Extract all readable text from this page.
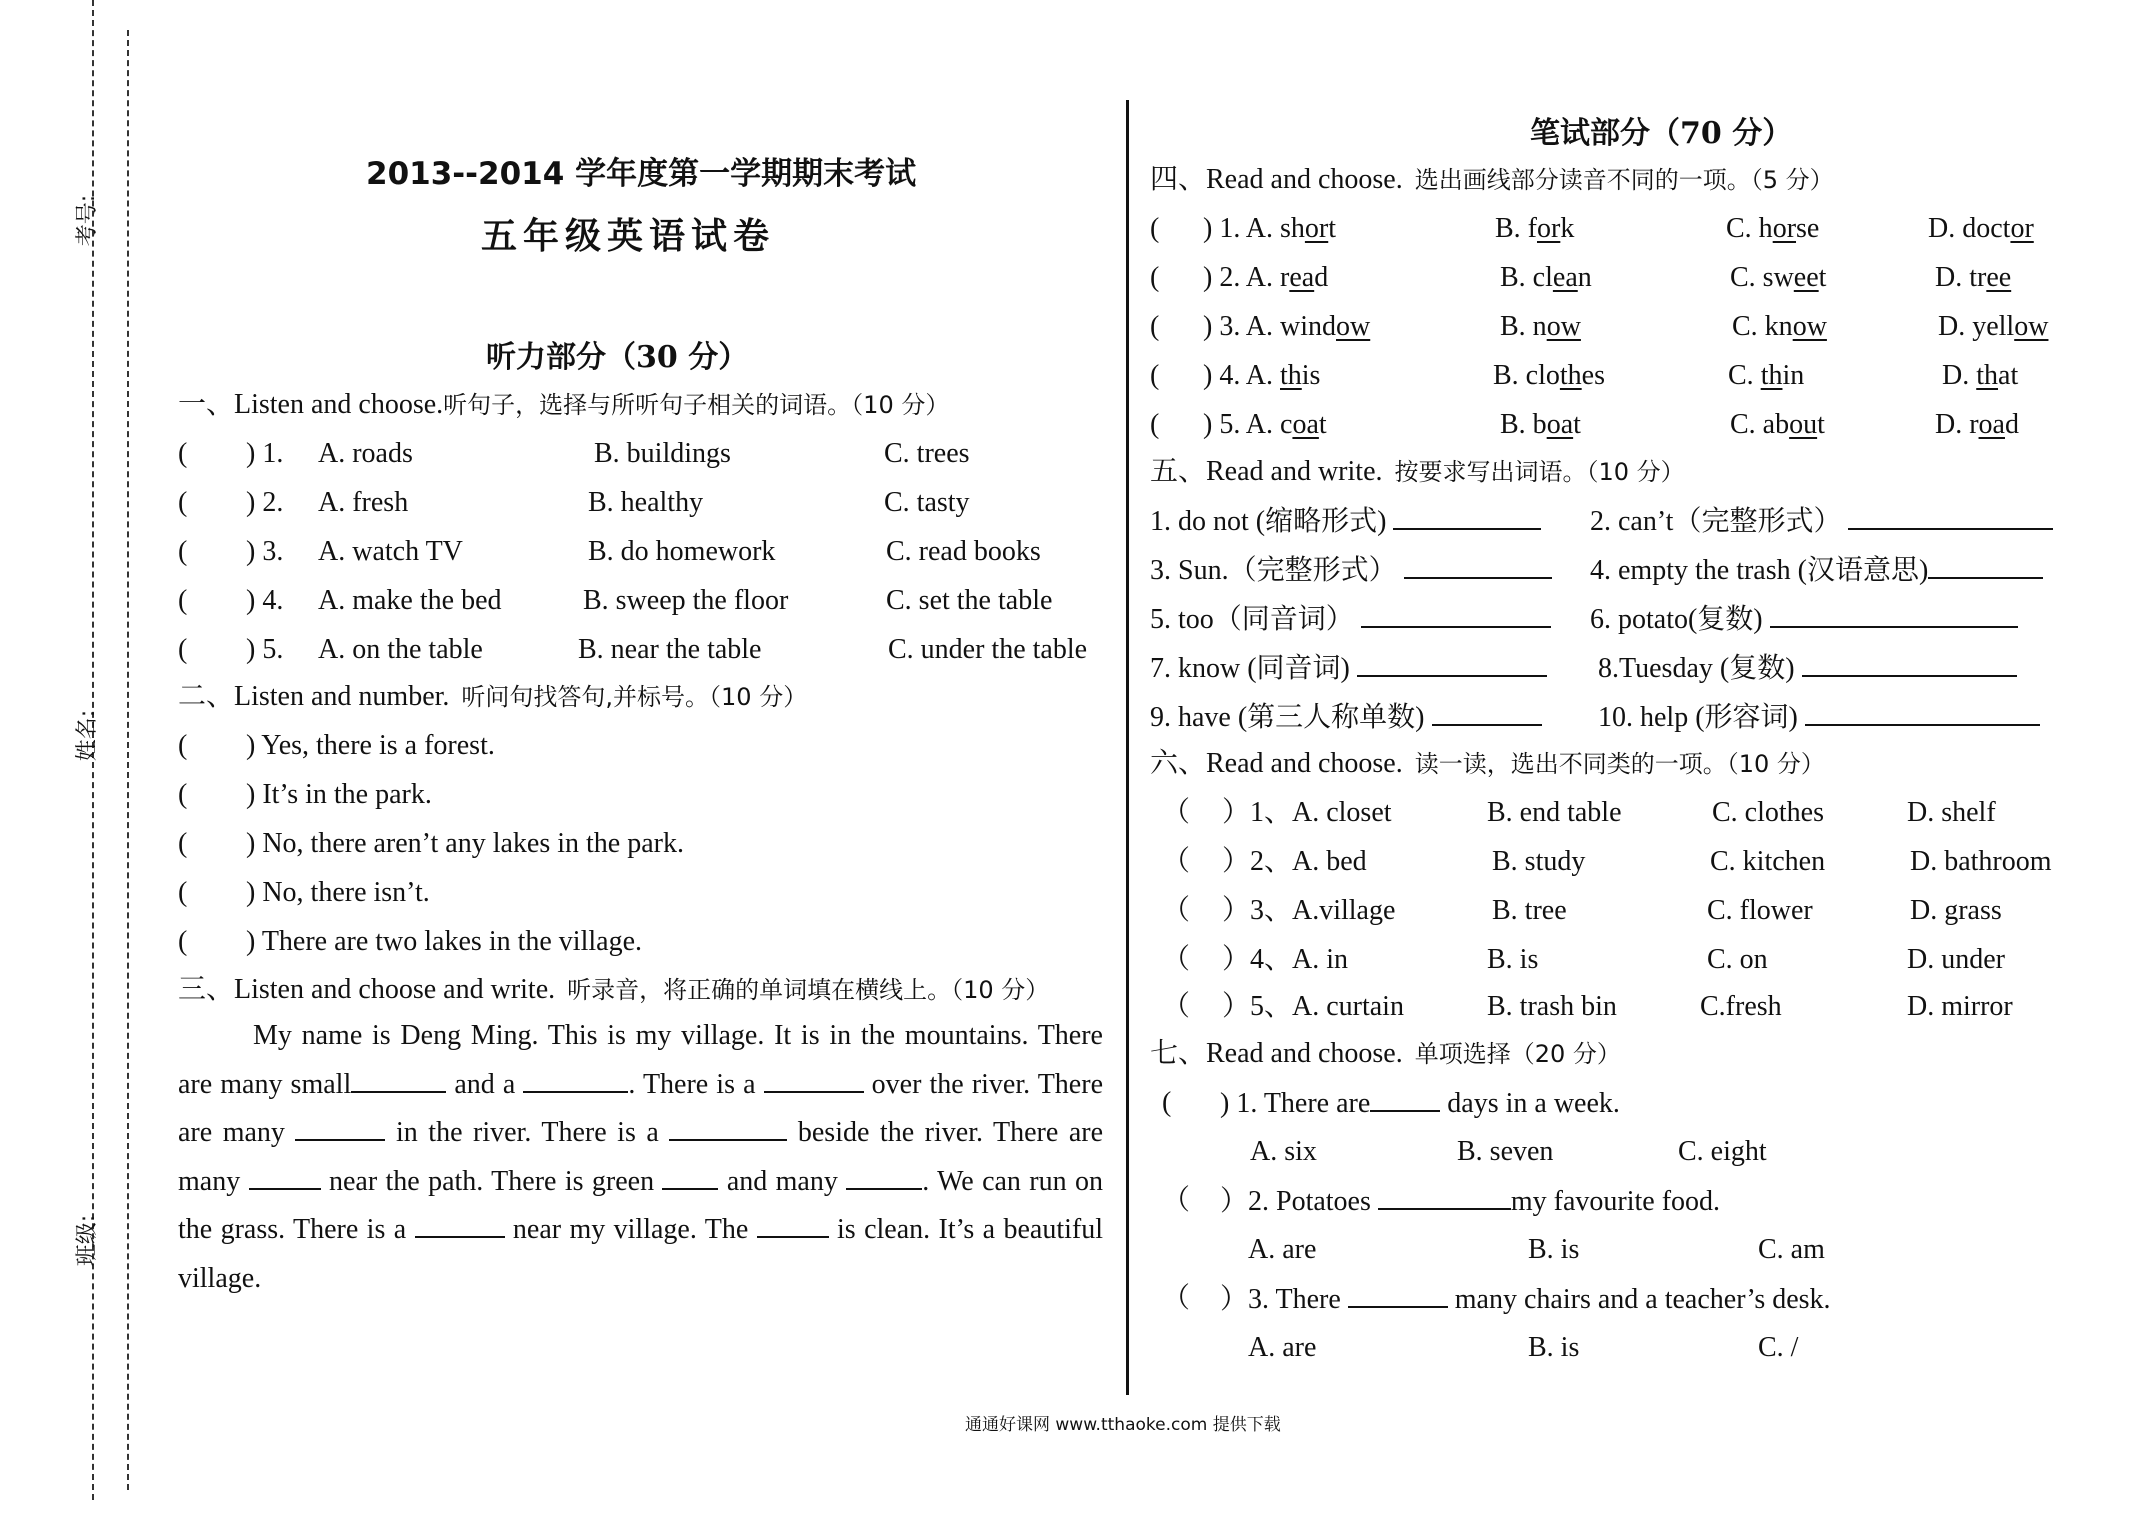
考号:
姓名:
班级:
2013--2014 学年度第一学期期末考试
五年级英语试卷
听力部分（30 分）
一、Listen and choose.听句子，选择与所听句子相关的词语。（10 分）
( ) 1. A. roads	B. buildings	C. trees
( ) 2. A. fresh	B. healthy	C. tasty
( ) 3. A. watch TV	B. do homework	C. read books
( ) 4. A. make the bed	B. sweep the floor	C. set the table
( ) 5. A. on the table	B. near the table	C. under the table
二、Listen and number. 听问句找答句,并标号。（10 分）
( ) Yes, there is a forest.
( ) It’s in the park.
( ) No, there aren’t any lakes in the park.
( ) No, there isn’t.
( ) There are two lakes in the village.
三、Listen and choose and write. 听录音，将正确的单词填在横线上。（10 分）
My name is Deng Ming. This is my village. It is in the mountains. There are many small	and a	. There is a	over the river. There are many	in the river. There is a	beside the river. There are many	near the path. There is green  and many	. We can run on the grass. There is a	near my village. The	is clean. It’s a beautiful village.
笔试部分（70 分）
四、Read and choose. 选出画线部分读音不同的一项。（5 分）
( ) 1. A. short	B. fork	C. horse	D. doctor
( ) 2. A. read	B. clean	C. sweet	D. tree
( ) 3. A. window	B. now	C. know	D. yellow
( ) 4. A. this	B. clothes	C. thin	D. that
( ) 5. A. coat	B. boat	C. about	D. road
五、Read and write. 按要求写出词语。（10 分）
1. do not (缩略形式)	2. can’t（完整形式）
3. Sun.（完整形式）	4. empty the trash (汉语意思)
5. too（同音词）	6. potato(复数)
7. know (同音词)	8.Tuesday (复数)
9. have (第三人称单数)	10. help (形容词)
六、Read and choose. 读一读，选出不同类的一项。（10 分）
（ ）1、A. closet	B. end table	C. clothes	D. shelf
（ ）2、A. bed	B. study	C. kitchen	D. bathroom
（ ）3、A.village	B. tree	C. flower	D. grass
（ ）4、A. in	B. is	C. on	D. under
（ ）5、A. curtain	B. trash bin	C.fresh	D. mirror
七、Read and choose. 单项选择（20 分）
( ) 1. There are	days in a week.
A. six	B. seven	C. eight
（ ）2. Potatoes	my favourite food.
A. are	B. is	C. am
（ ）3. There	many chairs and a teacher’s desk.
A. are	B. is	C. /
通通好课网 www.tthaoke.com 提供下载
